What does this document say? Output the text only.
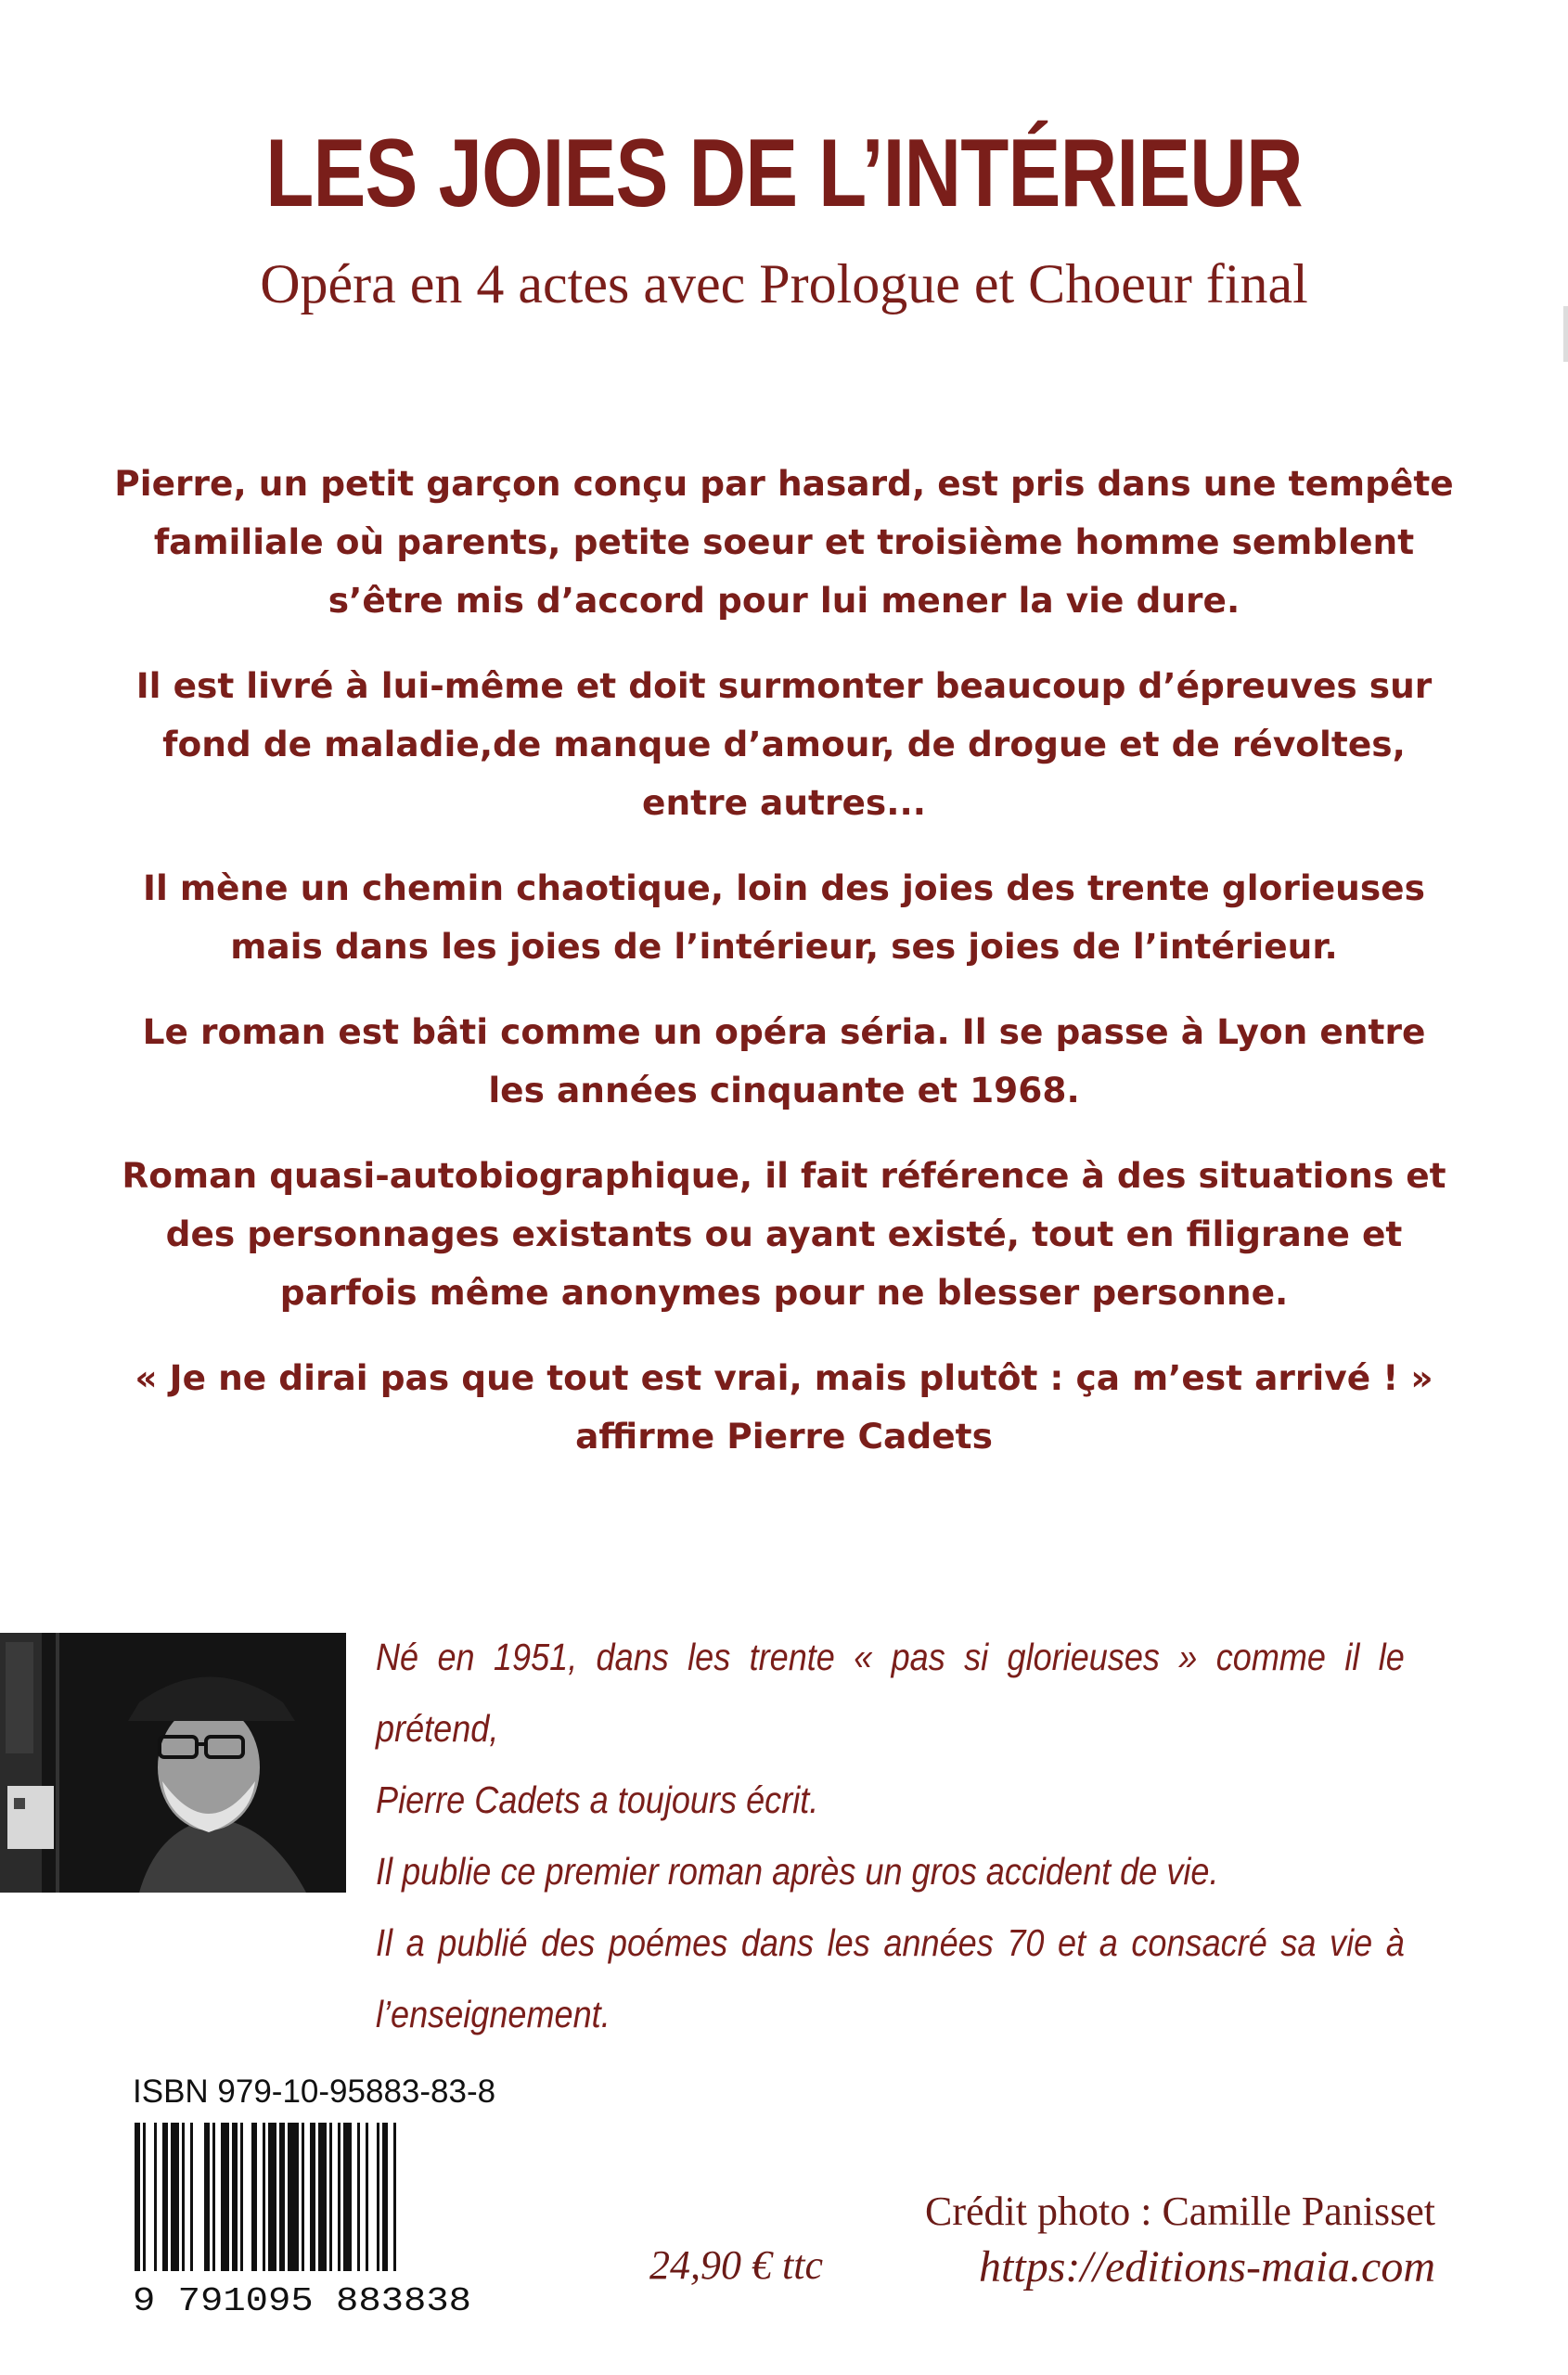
LES JOIES DE L’INTÉRIEUR

Opéra en 4 actes avec Prologue et Choeur final

Pierre, un petit garçon conçu par hasard, est pris dans une tempête familiale où parents, petite soeur et troisième homme semblent s’être mis d’accord pour lui mener la vie dure.

Il est livré à lui-même et doit surmonter beaucoup d’épreuves sur fond de maladie,de manque d’amour, de drogue et de révoltes, entre autres...

Il mène un chemin chaotique, loin des joies des trente glorieuses mais dans les joies de l’intérieur, ses joies de l’intérieur.

Le roman est bâti comme un opéra séria. Il se passe à Lyon entre les années cinquante et 1968.

Roman quasi-autobiographique, il fait référence à des situations et des personnages existants ou ayant existé, tout en filigrane et parfois même anonymes pour ne blesser personne.

« Je ne dirai pas que tout est vrai, mais plutôt : ça m’est arrivé ! » affirme Pierre Cadets

Né en 1951, dans les trente « pas si glorieuses » comme il le prétend,

Pierre Cadets a toujours écrit.

Il publie ce premier roman après un gros accident de vie.

Il a publié des poémes dans les années 70 et a consacré sa vie à l’enseignement.

ISBN 979-10-95883-83-8
9 791095 883838
Crédit photo : Camille Panisset
24,90 € ttc	https://editions-maia.com
